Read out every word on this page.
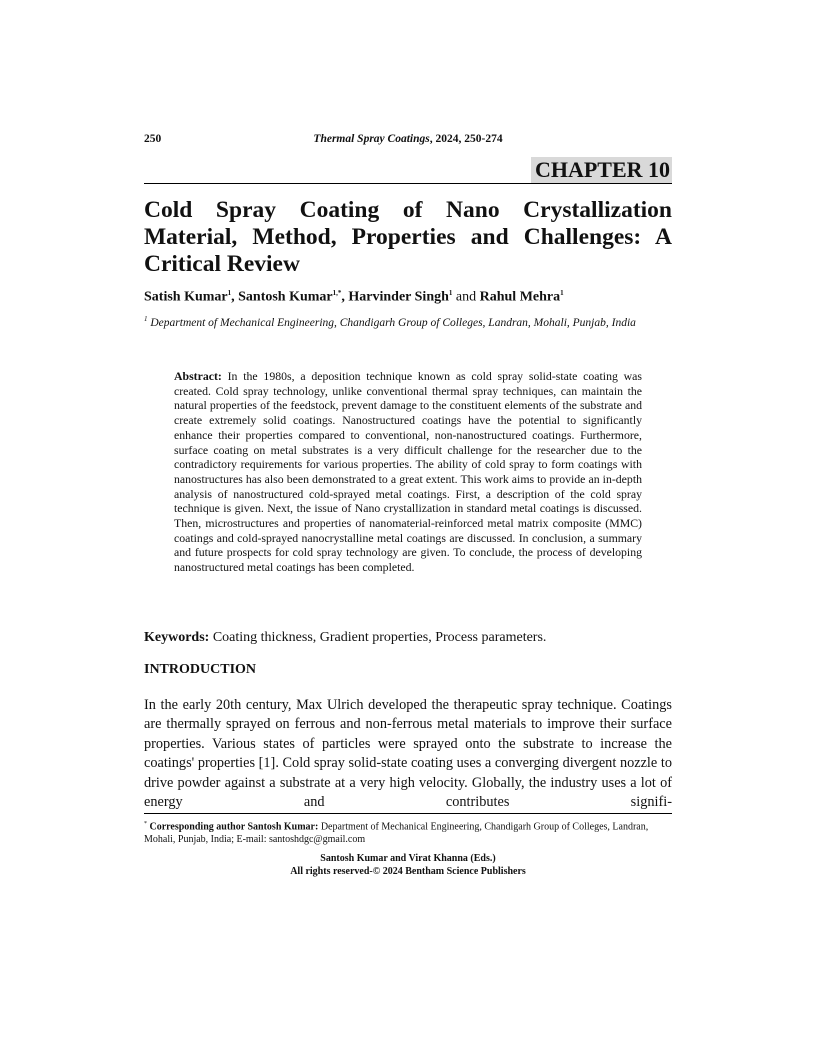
250	Thermal Spray Coatings, 2024, 250-274
CHAPTER 10
Cold Spray Coating of Nano Crystallization Material, Method, Properties and Challenges: A Critical Review
Satish Kumar$^1$, Santosh Kumar$^{1,*}$, Harvinder Singh$^1$ and Rahul Mehra$^1$
$^1$ Department of Mechanical Engineering, Chandigarh Group of Colleges, Landran, Mohali, Punjab, India

Abstract: In the 1980s, a deposition technique known as cold spray solid-state coating was created. Cold spray technology, unlike conventional thermal spray techniques, can maintain the natural properties of the feedstock, prevent damage to the constituent elements of the substrate and create extremely solid coatings. Nanostructured coatings have the potential to significantly enhance their properties compared to conventional, non-nanostructured coatings. Furthermore, surface coating on metal substrates is a very difficult challenge for the researcher due to the contradictory requirements for various properties. The ability of cold spray to form coatings with nanostructures has also been demonstrated to a great extent. This work aims to provide an in-depth analysis of nanostructured cold-sprayed metal coatings. First, a description of the cold spray technique is given. Next, the issue of Nano crystallization in standard metal coatings is discussed. Then, microstructures and properties of nanomaterial-reinforced metal matrix composite (MMC) coatings and cold-sprayed nanocrystalline metal coatings are discussed. In conclusion, a summary and future prospects for cold spray technology are given. To conclude, the process of developing nanostructured metal coatings has been completed.

Keywords: Coating thickness, Gradient properties, Process parameters.
INTRODUCTION

In the early 20th century, Max Ulrich developed the therapeutic spray technique. Coatings are thermally sprayed on ferrous and non-ferrous metal materials to improve their surface properties. Various states of particles were sprayed onto the substrate to increase the coatings' properties [1]. Cold spray solid-state coating uses a converging divergent nozzle to drive powder against a substrate at a very high velocity. Globally, the industry uses a lot of energy and contributes signifi-

* Corresponding author Santosh Kumar: Department of Mechanical Engineering, Chandigarh Group of Colleges, Landran, Mohali, Punjab, India; E-mail: santoshdgc@gmail.com
Santosh Kumar and Virat Khanna (Eds.)
All rights reserved-© 2024 Bentham Science Publishers
